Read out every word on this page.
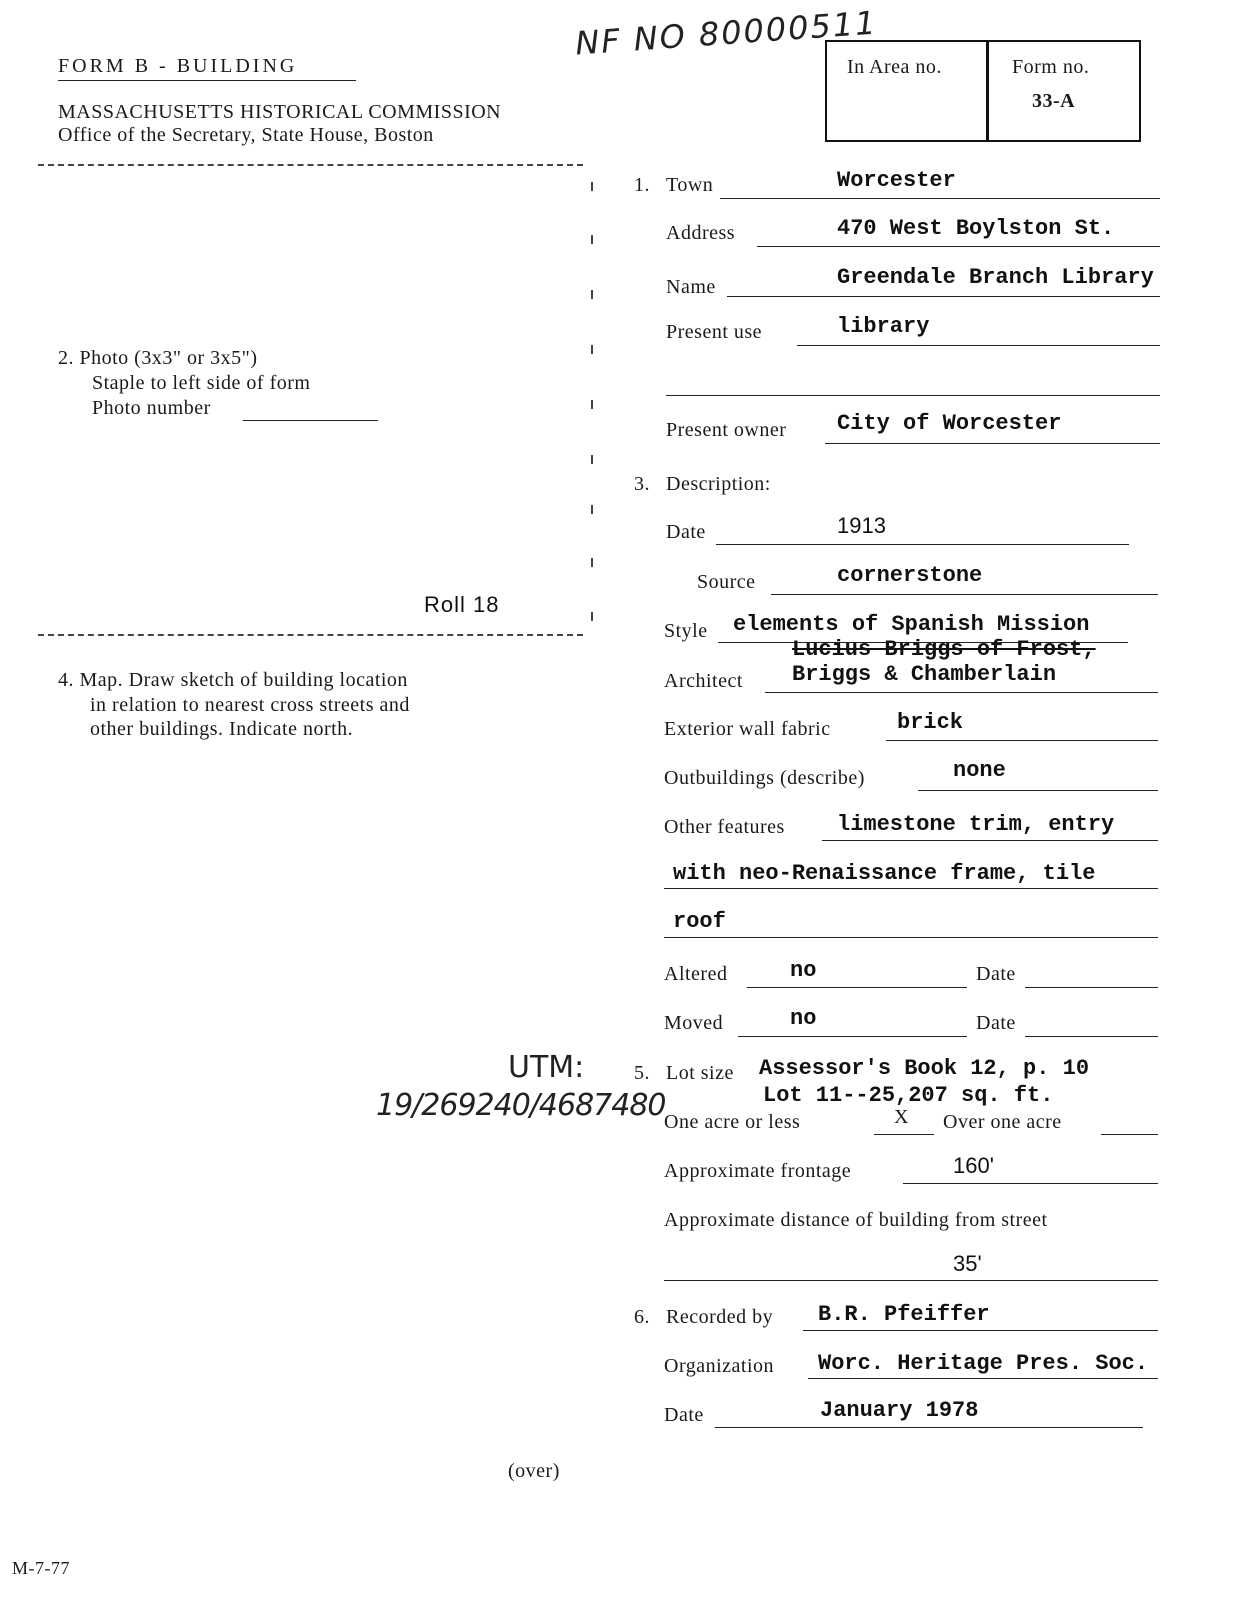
FORM B - BUILDING
MASSACHUSETTS HISTORICAL COMMISSION
Office of the Secretary, State House, Boston
NF NO 80000511
In Area no.	Form no.
33-A
2. Photo (3x3" or 3x5")
Staple to left side of form
Photo number
Roll 18
4. Map. Draw sketch of building location
in relation to nearest cross streets and
other buildings. Indicate north.
UTM:
19/269240/4687480
1. Town	Worcester
Address	470 West Boylston St.
Name	Greendale Branch Library
Present use	library
Present owner City of Worcester
3. Description:
Date	1913
Source	cornerstone
Style elements of Spanish Mission
Lucius Briggs of Frost,
Architect Briggs & Chamberlain
Exterior wall fabric	brick
Outbuildings (describe)	none
Other features limestone trim, entry
with neo-Renaissance frame, tile
roof
Altered	no	Date
Moved	no	Date
5. Lot size Assessor's Book 12, p. 10
Lot 11--25,207 sq. ft.
One acre or less	X Over one acre
Approximate frontage	160'
Approximate distance of building from street
35'
6. Recorded by B.R. Pfeiffer
Organization Worc. Heritage Pres. Soc.
Date	January 1978
(over)
M-7-77
